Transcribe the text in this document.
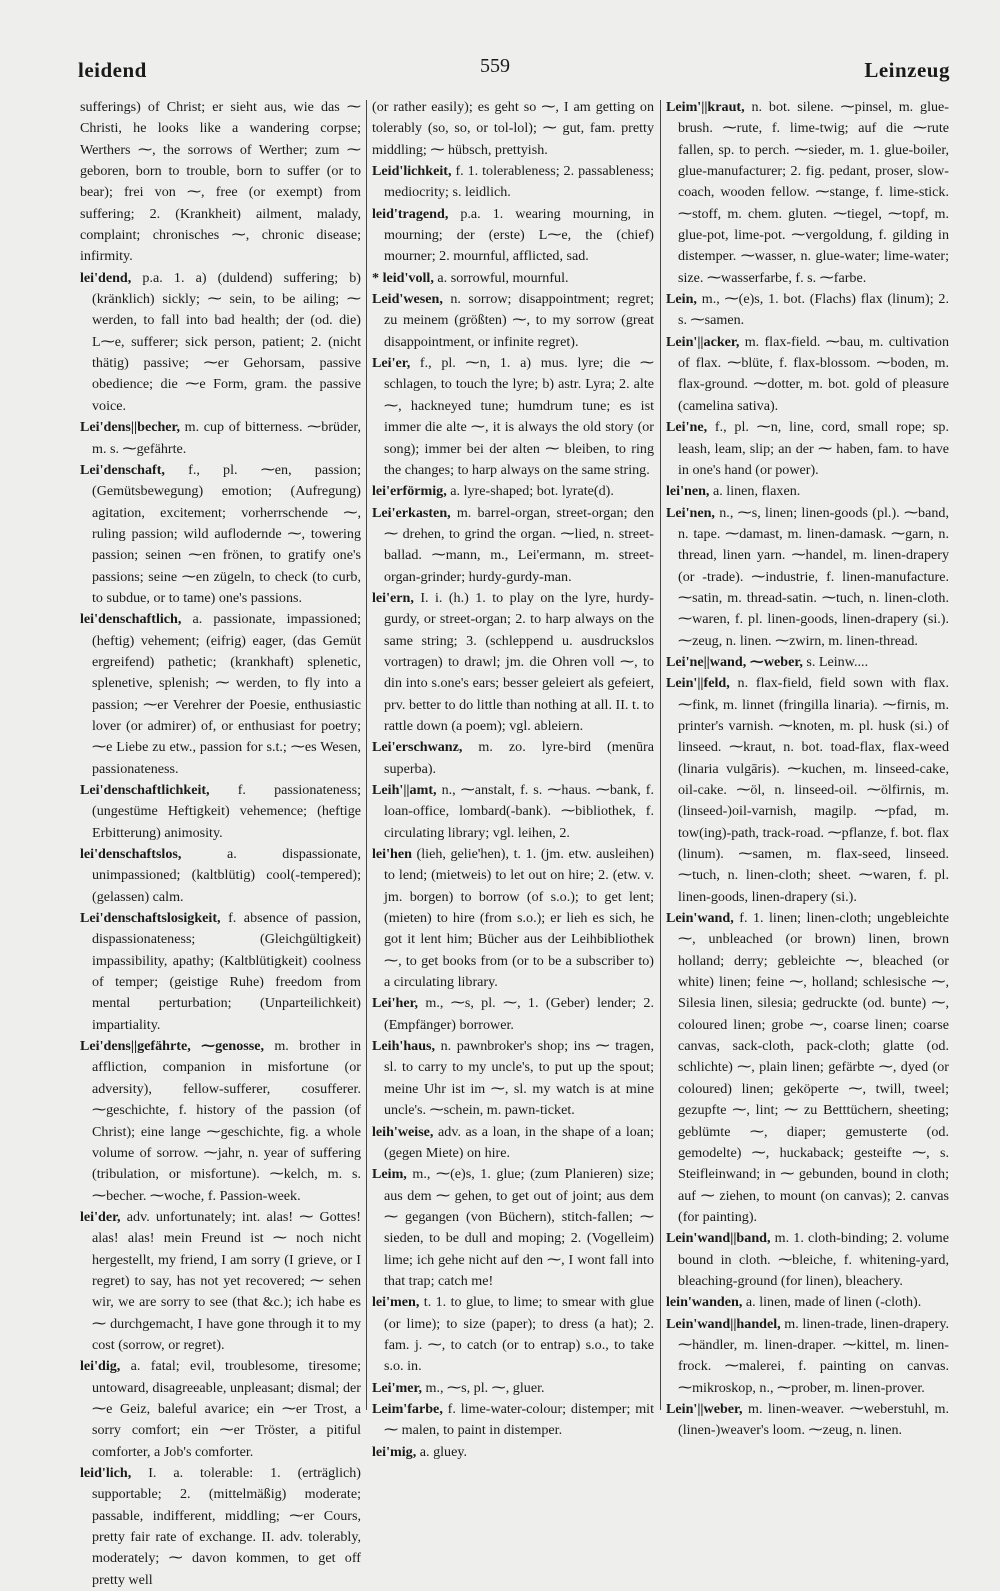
leidend	559	Leinzeug

sufferings) of Christ; er sieht aus, wie das ⁓ Christi, he looks like a wandering corpse; Werthers ⁓, the sorrows of Werther; zum ⁓ geboren, born to trouble, born to suffer (or to bear); frei von ⁓, free (or exempt) from suffering; 2. (Krankheit) ailment, malady, complaint; chronisches ⁓, chronic disease; infirmity.

lei'dend, p.a. 1. a) (duldend) suffering; b) (kränklich) sickly; ⁓ sein, to be ailing; ⁓ werden, to fall into bad health; der (od. die) L⁓e, sufferer; sick person, patient; 2. (nicht thätig) passive; ⁓er Gehorsam, passive obedience; die ⁓e Form, gram. the passive voice.

Lei'dens||becher, m. cup of bitterness. ⁓brüder, m. s. ⁓gefährte.

Lei'denschaft, f., pl. ⁓en, passion; (Gemütsbewegung) emotion; (Aufregung) agitation, excitement; vorherrschende ⁓, ruling passion; wild auflodernde ⁓, towering passion; seinen ⁓en frönen, to gratify one's passions; seine ⁓en zügeln, to check (to curb, to subdue, or to tame) one's passions.

lei'denschaftlich, a. passionate, impassioned; (heftig) vehement; (eifrig) eager, (das Gemüt ergreifend) pathetic; (krankhaft) splenetic, splenetive, splenish; ⁓ werden, to fly into a passion; ⁓er Verehrer der Poesie, enthusiastic lover (or admirer) of, or enthusiast for poetry; ⁓e Liebe zu etw., passion for s.t.; ⁓es Wesen, passionateness.

Lei'denschaftlichkeit, f. passionateness; (ungestüme Heftigkeit) vehemence; (heftige Erbitterung) animosity.

lei'denschaftslos,	a. dispassionate, unimpassioned; (kaltblütig) cool(-tempered); (gelassen) calm.

Lei'denschaftslosigkeit, f. absence of passion, dispassionateness; (Gleichgültigkeit) impassibility, apathy; (Kaltblütigkeit) coolness of temper; (geistige Ruhe) freedom from mental perturbation; (Unparteilichkeit) impartiality.

Lei'dens||gefährte, ⁓genosse, m. brother in affliction, companion in misfortune (or adversity), fellow-sufferer, cosufferer. ⁓geschichte, f. history of the passion (of Christ); eine lange ⁓geschichte, fig. a whole volume of sorrow. ⁓jahr, n. year of suffering (tribulation, or misfortune). ⁓kelch, m. s. ⁓becher. ⁓woche, f. Passion-week.

lei'der, adv. unfortunately; int. alas! ⁓ Gottes! alas! alas! mein Freund ist ⁓ noch nicht hergestellt, my friend, I am sorry (I grieve, or I regret) to say, has not yet recovered; ⁓ sehen wir, we are sorry to see (that &c.); ich habe es ⁓ durchgemacht, I have gone through it to my cost (sorrow, or regret).

lei'dig, a. fatal; evil, troublesome, tiresome; untoward, disagreeable, unpleasant; dismal; der ⁓e Geiz, baleful avarice; ein ⁓er Trost, a sorry comfort; ein ⁓er Tröster, a pitiful comforter, a Job's comforter.

leid'lich, I. a. tolerable: 1. (erträglich) supportable; 2. (mittelmäßig) moderate; passable, indifferent, middling; ⁓er Cours, pretty fair rate of exchange. II. adv. tolerably, moderately; ⁓ davon kommen, to get off pretty well

(or rather easily); es geht so ⁓, I am getting on tolerably (so, so, or tol-lol); ⁓ gut, fam. pretty middling; ⁓ hübsch, prettyish.

Leid'lichkeit, f. 1. tolerableness; 2. passableness; mediocrity; s. leidlich.

leid'tragend, p.a. 1. wearing mourning, in mourning; der (erste) L⁓e, the (chief) mourner; 2. mournful, afflicted, sad.

* leid'voll, a. sorrowful, mournful.

Leid'wesen, n. sorrow; disappointment; regret; zu meinem (größten) ⁓, to my sorrow (great disappointment, or infinite regret).

Lei'er, f., pl. ⁓n, 1. a) mus. lyre; die ⁓ schlagen, to touch the lyre; b) astr. Lyra; 2. alte ⁓, hackneyed tune; humdrum tune; es ist immer die alte ⁓, it is always the old story (or song); immer bei der alten ⁓ bleiben, to ring the changes; to harp always on the same string.

lei'erförmig, a. lyre-shaped; bot. lyrate(d).

Lei'erkasten, m. barrel-organ, street-organ; den ⁓ drehen, to grind the organ. ⁓lied, n. street-ballad. ⁓mann, m., Lei'ermann, m. street-organ-grinder; hurdy-gurdy-man.

lei'ern, I. i. (h.) 1. to play on the lyre, hurdy-gurdy, or street-organ; 2. to harp always on the same string; 3. (schleppend u. ausdruckslos vortragen) to drawl; jm. die Ohren voll ⁓, to din into s.one's ears; besser geleiert als gefeiert, prv. better to do little than nothing at all. II. t. to rattle down (a poem); vgl. ableiern.

Lei'erschwanz, m. zo. lyre-bird (menūra superba).

Leih'||amt, n., ⁓anstalt, f. s. ⁓haus. ⁓bank, f. loan-office, lombard(-bank). ⁓bibliothek, f. circulating library; vgl. leihen, 2.

lei'hen (lieh, gelie'hen), t. 1. (jm. etw. ausleihen) to lend; (mietweis) to let out on hire; 2. (etw. v. jm. borgen) to borrow (of s.o.); to get lent; (mieten) to hire (from s.o.); er lieh es sich, he got it lent him; Bücher aus der Leihbibliothek ⁓, to get books from (or to be a subscriber to) a circulating library.

Lei'her, m., ⁓s, pl. ⁓, 1. (Geber) lender; 2. (Empfänger) borrower.

Leih'haus, n. pawnbroker's shop; ins ⁓ tragen, sl. to carry to my uncle's, to put up the spout; meine Uhr ist im ⁓, sl. my watch is at mine uncle's. ⁓schein, m. pawn-ticket.

leih'weise, adv. as a loan, in the shape of a loan; (gegen Miete) on hire.

Leim, m., ⁓(e)s, 1. glue; (zum Planieren) size; aus dem ⁓ gehen, to get out of joint; aus dem ⁓ gegangen (von Büchern), stitch-fallen; ⁓ sieden, to be dull and moping; 2. (Vogelleim) lime; ich gehe nicht auf den ⁓, I wont fall into that trap; catch me!

lei'men, t. 1. to glue, to lime; to smear with glue (or lime); to size (paper); to dress (a hat); 2. fam. j. ⁓, to catch (or to entrap) s.o., to take s.o. in.

Lei'mer, m., ⁓s, pl. ⁓, gluer.

Leim'farbe, f. lime-water-colour; distemper; mit ⁓ malen, to paint in distemper.

lei'mig, a. gluey.

Leim'||kraut, n. bot. silene. ⁓pinsel, m. glue-brush. ⁓rute, f. lime-twig; auf die ⁓rute fallen, sp. to perch. ⁓sieder, m. 1. glue-boiler, glue-manufacturer; 2. fig. pedant, proser, slow-coach, wooden fellow. ⁓stange, f. lime-stick. ⁓stoff, m. chem. gluten. ⁓tiegel, ⁓topf, m. glue-pot, lime-pot. ⁓vergoldung, f. gilding in distemper. ⁓wasser, n. glue-water; lime-water; size. ⁓wasserfarbe, f. s. ⁓farbe.

Lein, m., ⁓(e)s, 1. bot. (Flachs) flax (linum); 2. s. ⁓samen.

Lein'||acker, m. flax-field. ⁓bau, m. cultivation of flax. ⁓blüte, f. flax-blossom. ⁓boden, m. flax-ground. ⁓dotter, m. bot. gold of pleasure (camelina sativa).

Lei'ne, f., pl. ⁓n, line, cord, small rope; sp. leash, leam, slip; an der ⁓ haben, fam. to have in one's hand (or power).

lei'nen, a. linen, flaxen.

Lei'nen, n., ⁓s, linen; linen-goods (pl.). ⁓band, n. tape. ⁓damast, m. linen-damask. ⁓garn, n. thread, linen yarn. ⁓handel, m. linen-drapery (or -trade). ⁓industrie, f. linen-manufacture. ⁓satin, m. thread-satin. ⁓tuch, n. linen-cloth. ⁓waren, f. pl. linen-goods, linen-drapery (si.). ⁓zeug, n. linen. ⁓zwirn, m. linen-thread.

Lei'ne||wand, ⁓weber, s. Leinw....

Lein'||feld, n. flax-field, field sown with flax. ⁓fink, m. linnet (fringilla linaria). ⁓firnis, m. printer's varnish. ⁓knoten, m. pl. husk (si.) of linseed. ⁓kraut, n. bot. toad-flax, flax-weed (linaria vulgāris). ⁓kuchen, m. linseed-cake, oil-cake. ⁓öl, n. linseed-oil. ⁓ölfirnis, m. (linseed-)oil-varnish, magilp. ⁓pfad, m. tow(ing)-path, track-road. ⁓pflanze, f. bot. flax (linum). ⁓samen, m. flax-seed, linseed. ⁓tuch, n. linen-cloth; sheet. ⁓waren, f. pl. linen-goods, linen-drapery (si.).

Lein'wand, f. 1. linen; linen-cloth; ungebleichte ⁓, unbleached (or brown) linen, brown holland; derry; gebleichte ⁓, bleached (or white) linen; feine ⁓, holland; schlesische ⁓, Silesia linen, silesia; gedruckte (od. bunte) ⁓, coloured linen; grobe ⁓, coarse linen; coarse canvas, sack-cloth, pack-cloth; glatte (od. schlichte) ⁓, plain linen; gefärbte ⁓, dyed (or coloured) linen; geköperte ⁓, twill, tweel; gezupfte ⁓, lint; ⁓ zu Betttüchern, sheeting; geblümte ⁓, diaper; gemusterte (od. gemodelte) ⁓, huckaback; gesteifte ⁓, s. Steifleinwand; in ⁓ gebunden, bound in cloth; auf ⁓ ziehen, to mount (on canvas); 2. canvas (for painting).

Lein'wand||band, m. 1. cloth-binding; 2. volume bound in cloth. ⁓bleiche, f. whitening-yard, bleaching-ground (for linen), bleachery.

lein'wanden, a. linen, made of linen (-cloth).

Lein'wand||handel, m. linen-trade, linen-drapery. ⁓händler, m. linen-draper. ⁓kittel, m. linen-frock. ⁓malerei, f. painting on canvas. ⁓mikroskop, n., ⁓prober, m. linen-prover.

Lein'||weber, m. linen-weaver. ⁓weberstuhl, m. (linen-)weaver's loom. ⁓zeug, n. linen.
